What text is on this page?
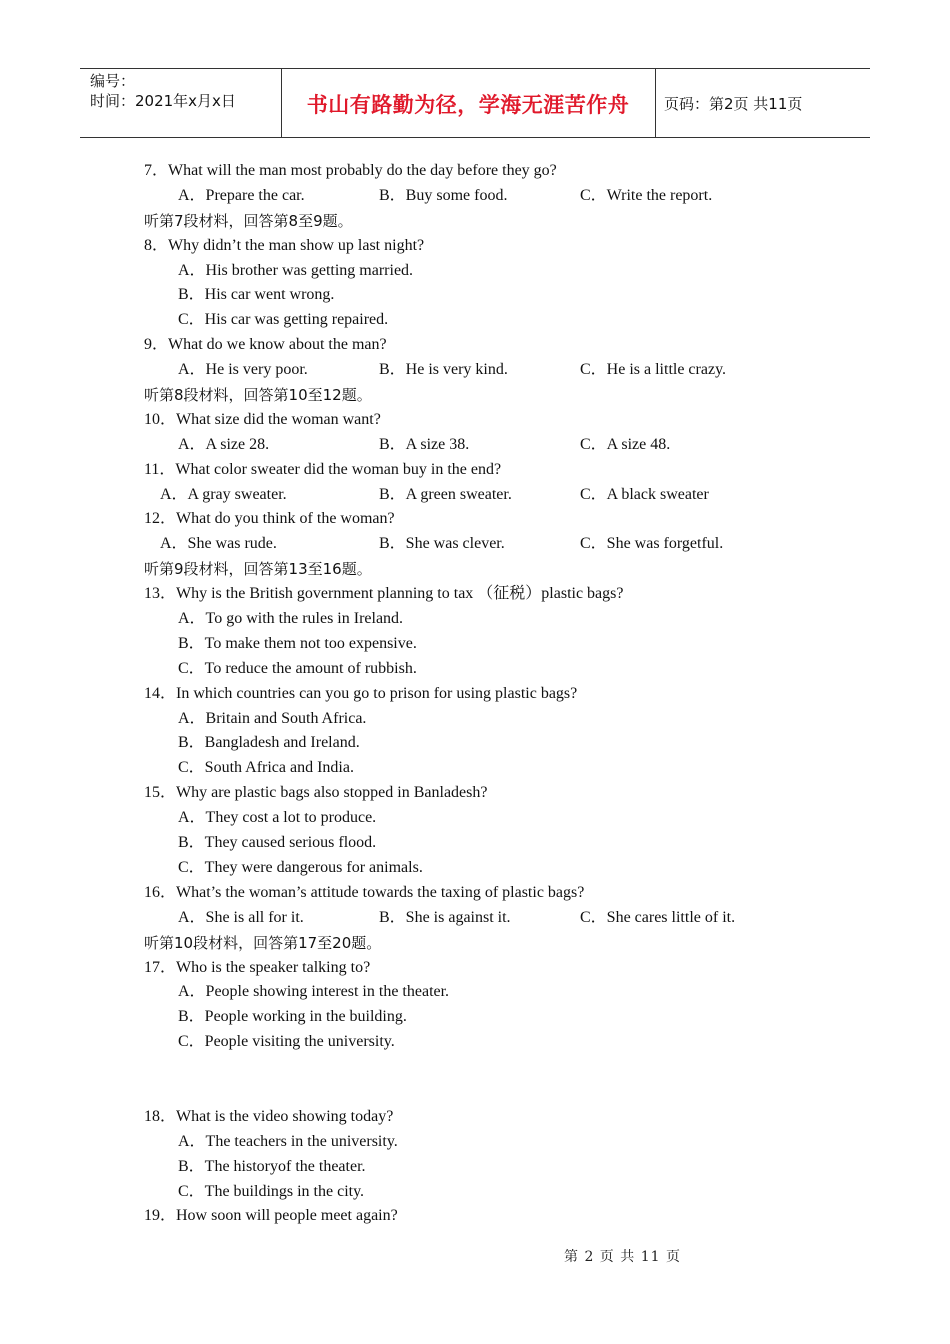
编号：
时间：2021年x月x日	书山有路勤为径，学海无涯苦作舟	页码：第2页 共11页
7．What will the man most probably do the day before they go?
A．Prepare the car.	B．Buy some food.	C．Write the report.
听第7段材料，回答第8至9题。
8．Why didn’t the man show up last night?
A．His brother was getting married.
B．His car went wrong.
C．His car was getting repaired.
9．What do we know about the man?
A．He is very poor.	B．He is very kind.	C．He is a little crazy.
听第8段材料，回答第10至12题。
10．What size did the woman want?
A．A size 28.	B．A size 38.	C．A size 48.
11．What color sweater did the woman buy in the end?
A．A gray sweater.	B．A green sweater.	C．A black sweater
12．What do you think of the woman?
A．She was rude.	B．She was clever.	C．She was forgetful.
听第9段材料，回答第13至16题。
13．Why is the British government planning to tax （征税）plastic bags?
A．To go with the rules in Ireland.
B．To make them not too expensive.
C．To reduce the amount of rubbish.
14．In which countries can you go to prison for using plastic bags?
A．Britain and South Africa.
B．Bangladesh and Ireland.
C．South Africa and India.
15．Why are plastic bags also stopped in Banladesh?
A．They cost a lot to produce.
B．They caused serious flood.
C．They were dangerous for animals.
16．What’s the woman’s attitude towards the taxing of plastic bags?
A．She is all for it.	B．She is against it.	C．She cares little of it.
听第10段材料，回答第17至20题。
17．Who is the speaker talking to?
A．People showing interest in the theater.
B．People working in the building.
C．People visiting the university.
18．What is the video showing today?
A．The teachers in the university.
B．The historyof the theater.
C．The buildings in the city.
19．How soon will people meet again?
第 2 页 共 11 页
